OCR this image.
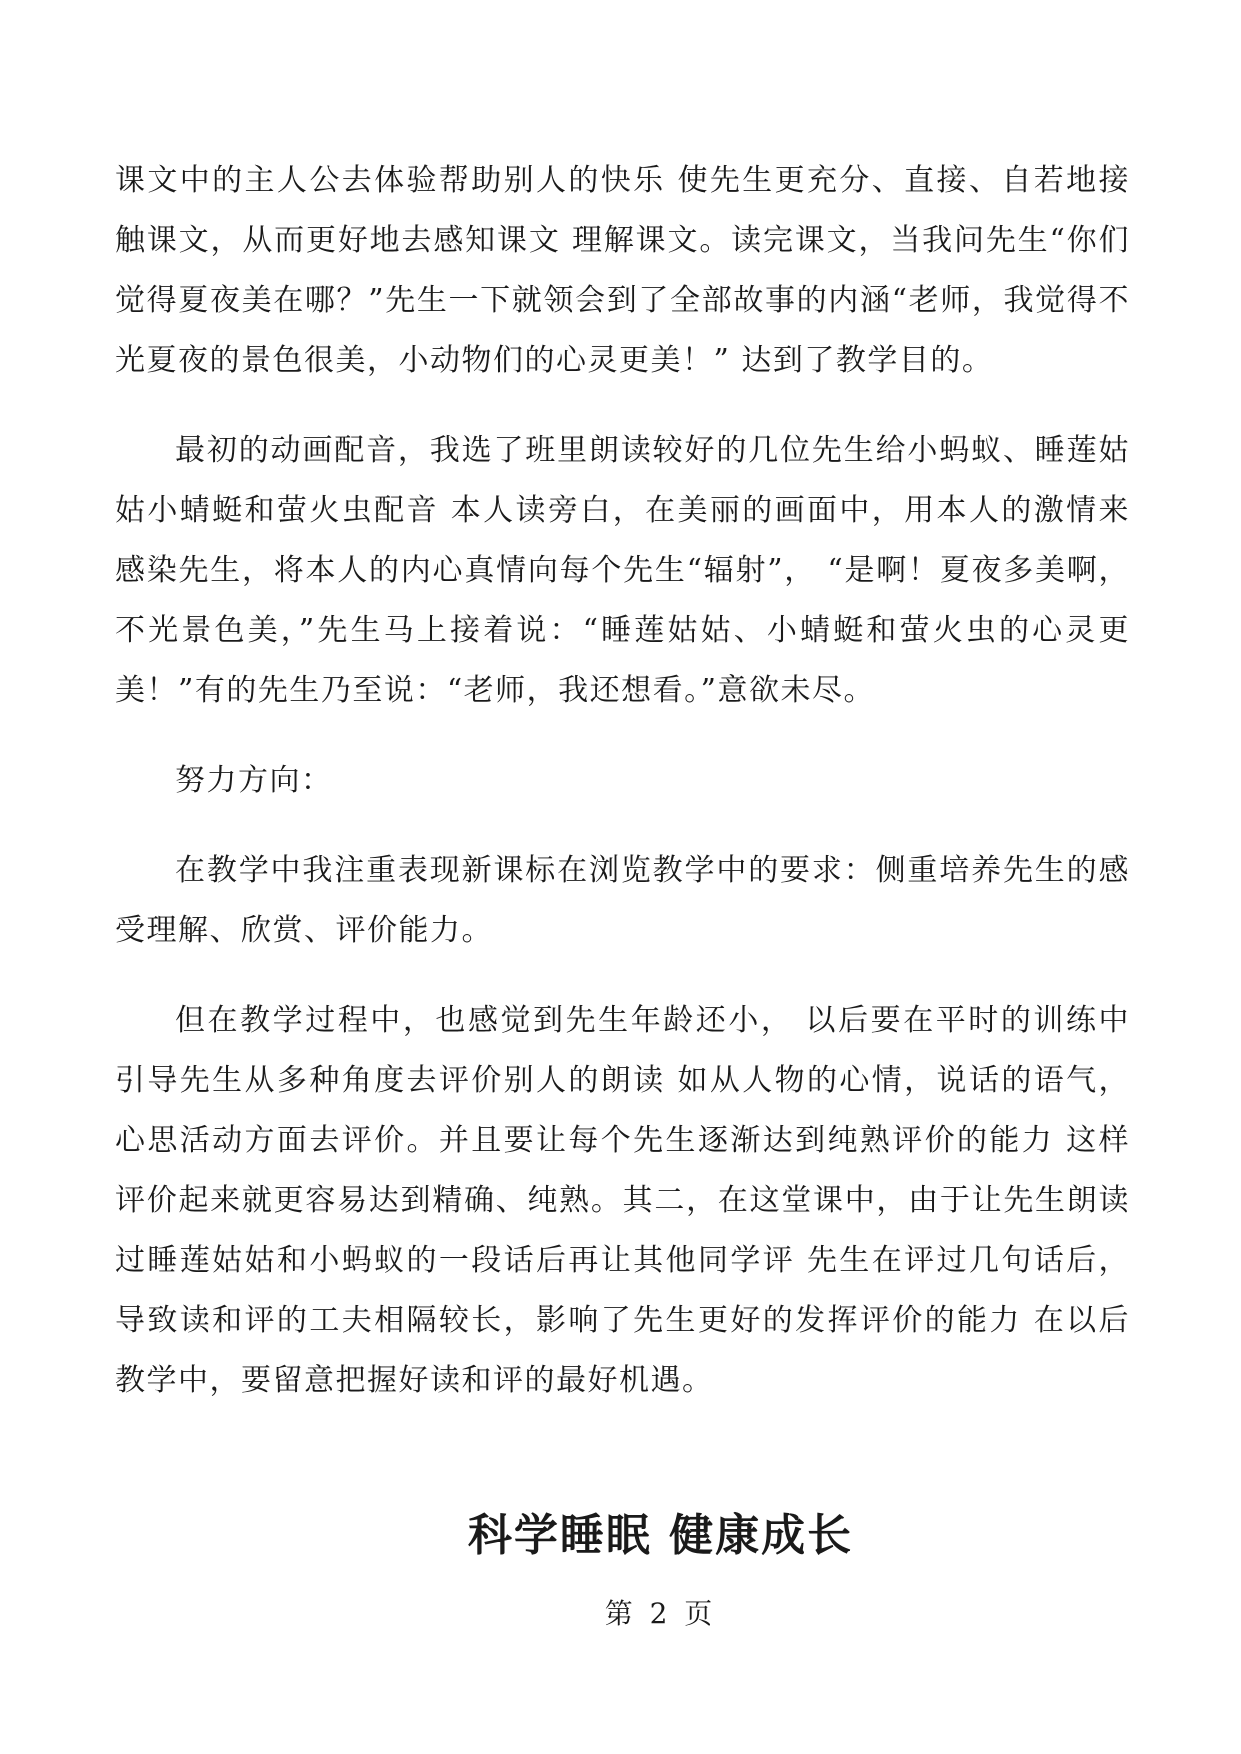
课文中的主人公去体验帮助别人的快乐 使先生更充分、直接、自若地接触课文，从而更好地去感知课文 理解课文。读完课文，当我问先生“你们觉得夏夜美在哪？”先生一下就领会到了全部故事的内涵“老师，我觉得不光夏夜的景色很美，小动物们的心灵更美！” 达到了教学目的。

最初的动画配音，我选了班里朗读较好的几位先生给小蚂蚁、睡莲姑姑小蜻蜓和萤火虫配音 本人读旁白，在美丽的画面中，用本人的激情来感染先生，将本人的内心真情向每个先生“辐射”， “是啊！夏夜多美啊，不光景色美，”先生马上接着说：“睡莲姑姑、小蜻蜓和萤火虫的心灵更美！”有的先生乃至说：“老师，我还想看。”意欲未尽。

努力方向：

在教学中我注重表现新课标在浏览教学中的要求：侧重培养先生的感受理解、欣赏、评价能力。

但在教学过程中，也感觉到先生年龄还小， 以后要在平时的训练中引导先生从多种角度去评价别人的朗读 如从人物的心情，说话的语气，心思活动方面去评价。并且要让每个先生逐渐达到纯熟评价的能力 这样评价起来就更容易达到精确、纯熟。其二，在这堂课中，由于让先生朗读过睡莲姑姑和小蚂蚁的一段话后再让其他同学评 先生在评过几句话后，导致读和评的工夫相隔较长，影响了先生更好的发挥评价的能力 在以后教学中，要留意把握好读和评的最好机遇。

科学睡眠 健康成长
第 2 页
